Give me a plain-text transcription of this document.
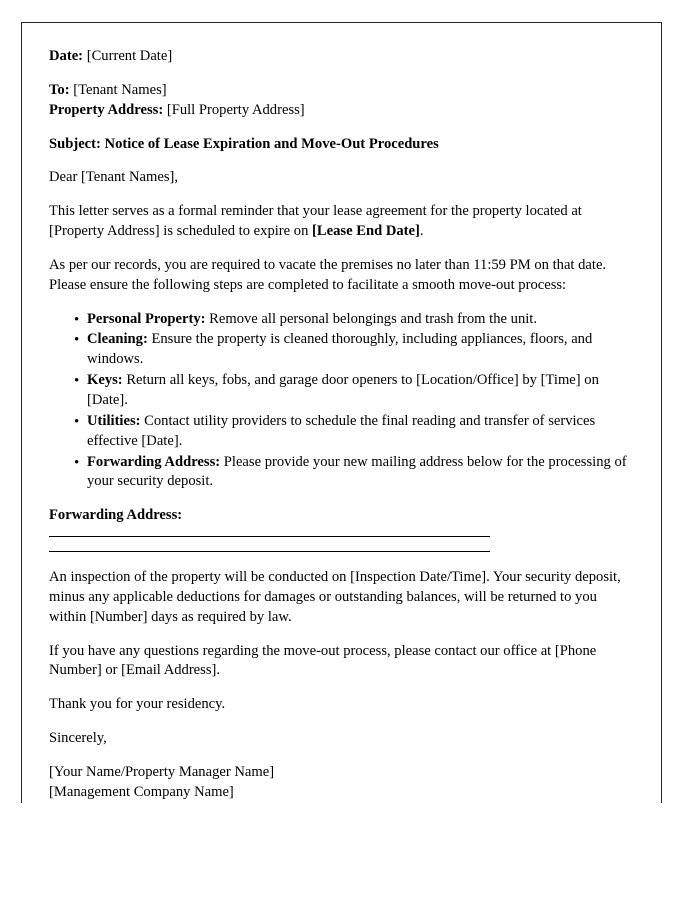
Date: [Current Date]

To: [Tenant Names]
Property Address: [Full Property Address]

Subject: Notice of Lease Expiration and Move-Out Procedures

Dear [Tenant Names],

This letter serves as a formal reminder that your lease agreement for the property located at [Property Address] is scheduled to expire on [Lease End Date].

As per our records, you are required to vacate the premises no later than 11:59 PM on that date. Please ensure the following steps are completed to facilitate a smooth move-out process:

• Personal Property: Remove all personal belongings and trash from the unit.
• Cleaning: Ensure the property is cleaned thoroughly, including appliances, floors, and windows.
• Keys: Return all keys, fobs, and garage door openers to [Location/Office] by [Time] on [Date].
• Utilities: Contact utility providers to schedule the final reading and transfer of services effective [Date].
• Forwarding Address: Please provide your new mailing address below for the processing of your security deposit.

Forwarding Address:

An inspection of the property will be conducted on [Inspection Date/Time]. Your security deposit, minus any applicable deductions for damages or outstanding balances, will be returned to you within [Number] days as required by law.

If you have any questions regarding the move-out process, please contact our office at [Phone Number] or [Email Address].

Thank you for your residency.

Sincerely,

[Your Name/Property Manager Name]
[Management Company Name]
